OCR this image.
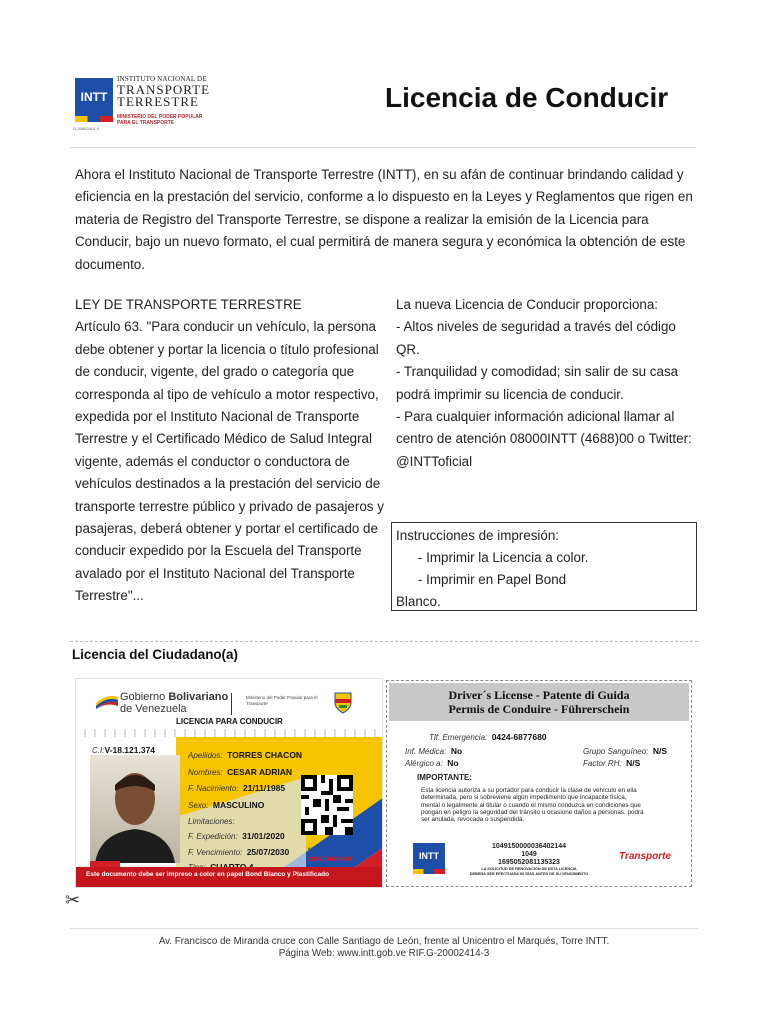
INTT
INSTITUTO NACIONAL DE
TRANSPORTE
TERRESTRE
MINISTERIO DEL PODER POPULAR
PARA EL TRANSPORTE
G-20002414-3
Licencia de Conducir
Ahora el Instituto Nacional de Transporte Terrestre (INTT), en su afán de continuar brindando calidad y eficiencia en la prestación del servicio, conforme a lo dispuesto en la Leyes y Reglamentos que rigen en materia de Registro del Transporte Terrestre, se dispone a realizar la emisión de la Licencia para Conducir, bajo un nuevo formato, el cual permitirá de manera segura y económica la obtención de este documento.
LEY DE TRANSPORTE TERRESTRE
Artículo 63. "Para conducir un vehículo, la persona debe obtener y portar la licencia o título profesional de conducir, vigente, del grado o categoría que corresponda al tipo de vehículo a motor respectivo, expedida por el Instituto Nacional de Transporte Terrestre y el Certificado Médico de Salud Integral vigente, además el conductor o conductora de vehículos destinados a la prestación del servicio de transporte terrestre público y privado de pasajeros y pasajeras, deberá obtener y portar el certificado de conducir expedido por la Escuela del Transporte avalado por el Instituto Nacional del Transporte Terrestre"...
La nueva Licencia de Conducir proporciona:
- Altos niveles de seguridad a través del código QR.
- Tranquilidad y comodidad; sin salir de su casa podrá imprimir su licencia de conducir.
- Para cualquier información adicional llamar al centro de atención 08000INTT (4688)00 o Twitter: @INTToficial
Instrucciones de impresión:
- Imprimir la Licencia a color.
- Imprimir en Papel Bond
Blanco.
Licencia del Ciudadano(a)
Gobierno Bolivariano
de Venezuela
Ministerio del Poder Popular para el Transporte
LICENCIA PARA CONDUCIR
C.I:V-18.121.374
Apellidos: TORRES CHACON
Nombres: CESAR ADRIAN
F. Nacimiento: 21/11/1985
Sexo: MASCULINO
Limitaciones:
F. Expedición: 31/01/2020
F. Vencimiento: 25/07/2030	Nro. de Verificación
200204606480
Este documento debe ser impreso a color en papel Bond Blanco y Plastificado
Driver´s License - Patente di Guida
Permis de Conduire - Führerschein
Tlf. Emergencia: 0424-6877680
Inf. Médica: No
Alérgico a: No
Grupo Sanguíneo: N/S
Factor RH: N/S
IMPORTANTE:
Esta licencia autoriza a su portador para conducir la clase de vehículo en ella determinada, pero si sobreviene algún impedimento que incapacite física, mental o legalmente al titular o cuando el mismo conduzca en condiciones que pongan en peligro la seguridad del tránsito u ocasione daños a personas, podrá ser anulada, revocada o suspendida.
INTT
1049150000036402144
1049
1695052081135323
LA SOLICITUD DE RENOVACIÓN DE ESTA LICENCIA
DEBERÁ SER EFECTUADA 60 DÍAS ANTES DE SU VENCIMIENTO
Transporte
✂
Av. Francisco de Miranda cruce con Calle Santiago de León, frente al Unicentro el Marqués, Torre INTT.
Página Web: www.intt.gob.ve RIF.G-20002414-3
